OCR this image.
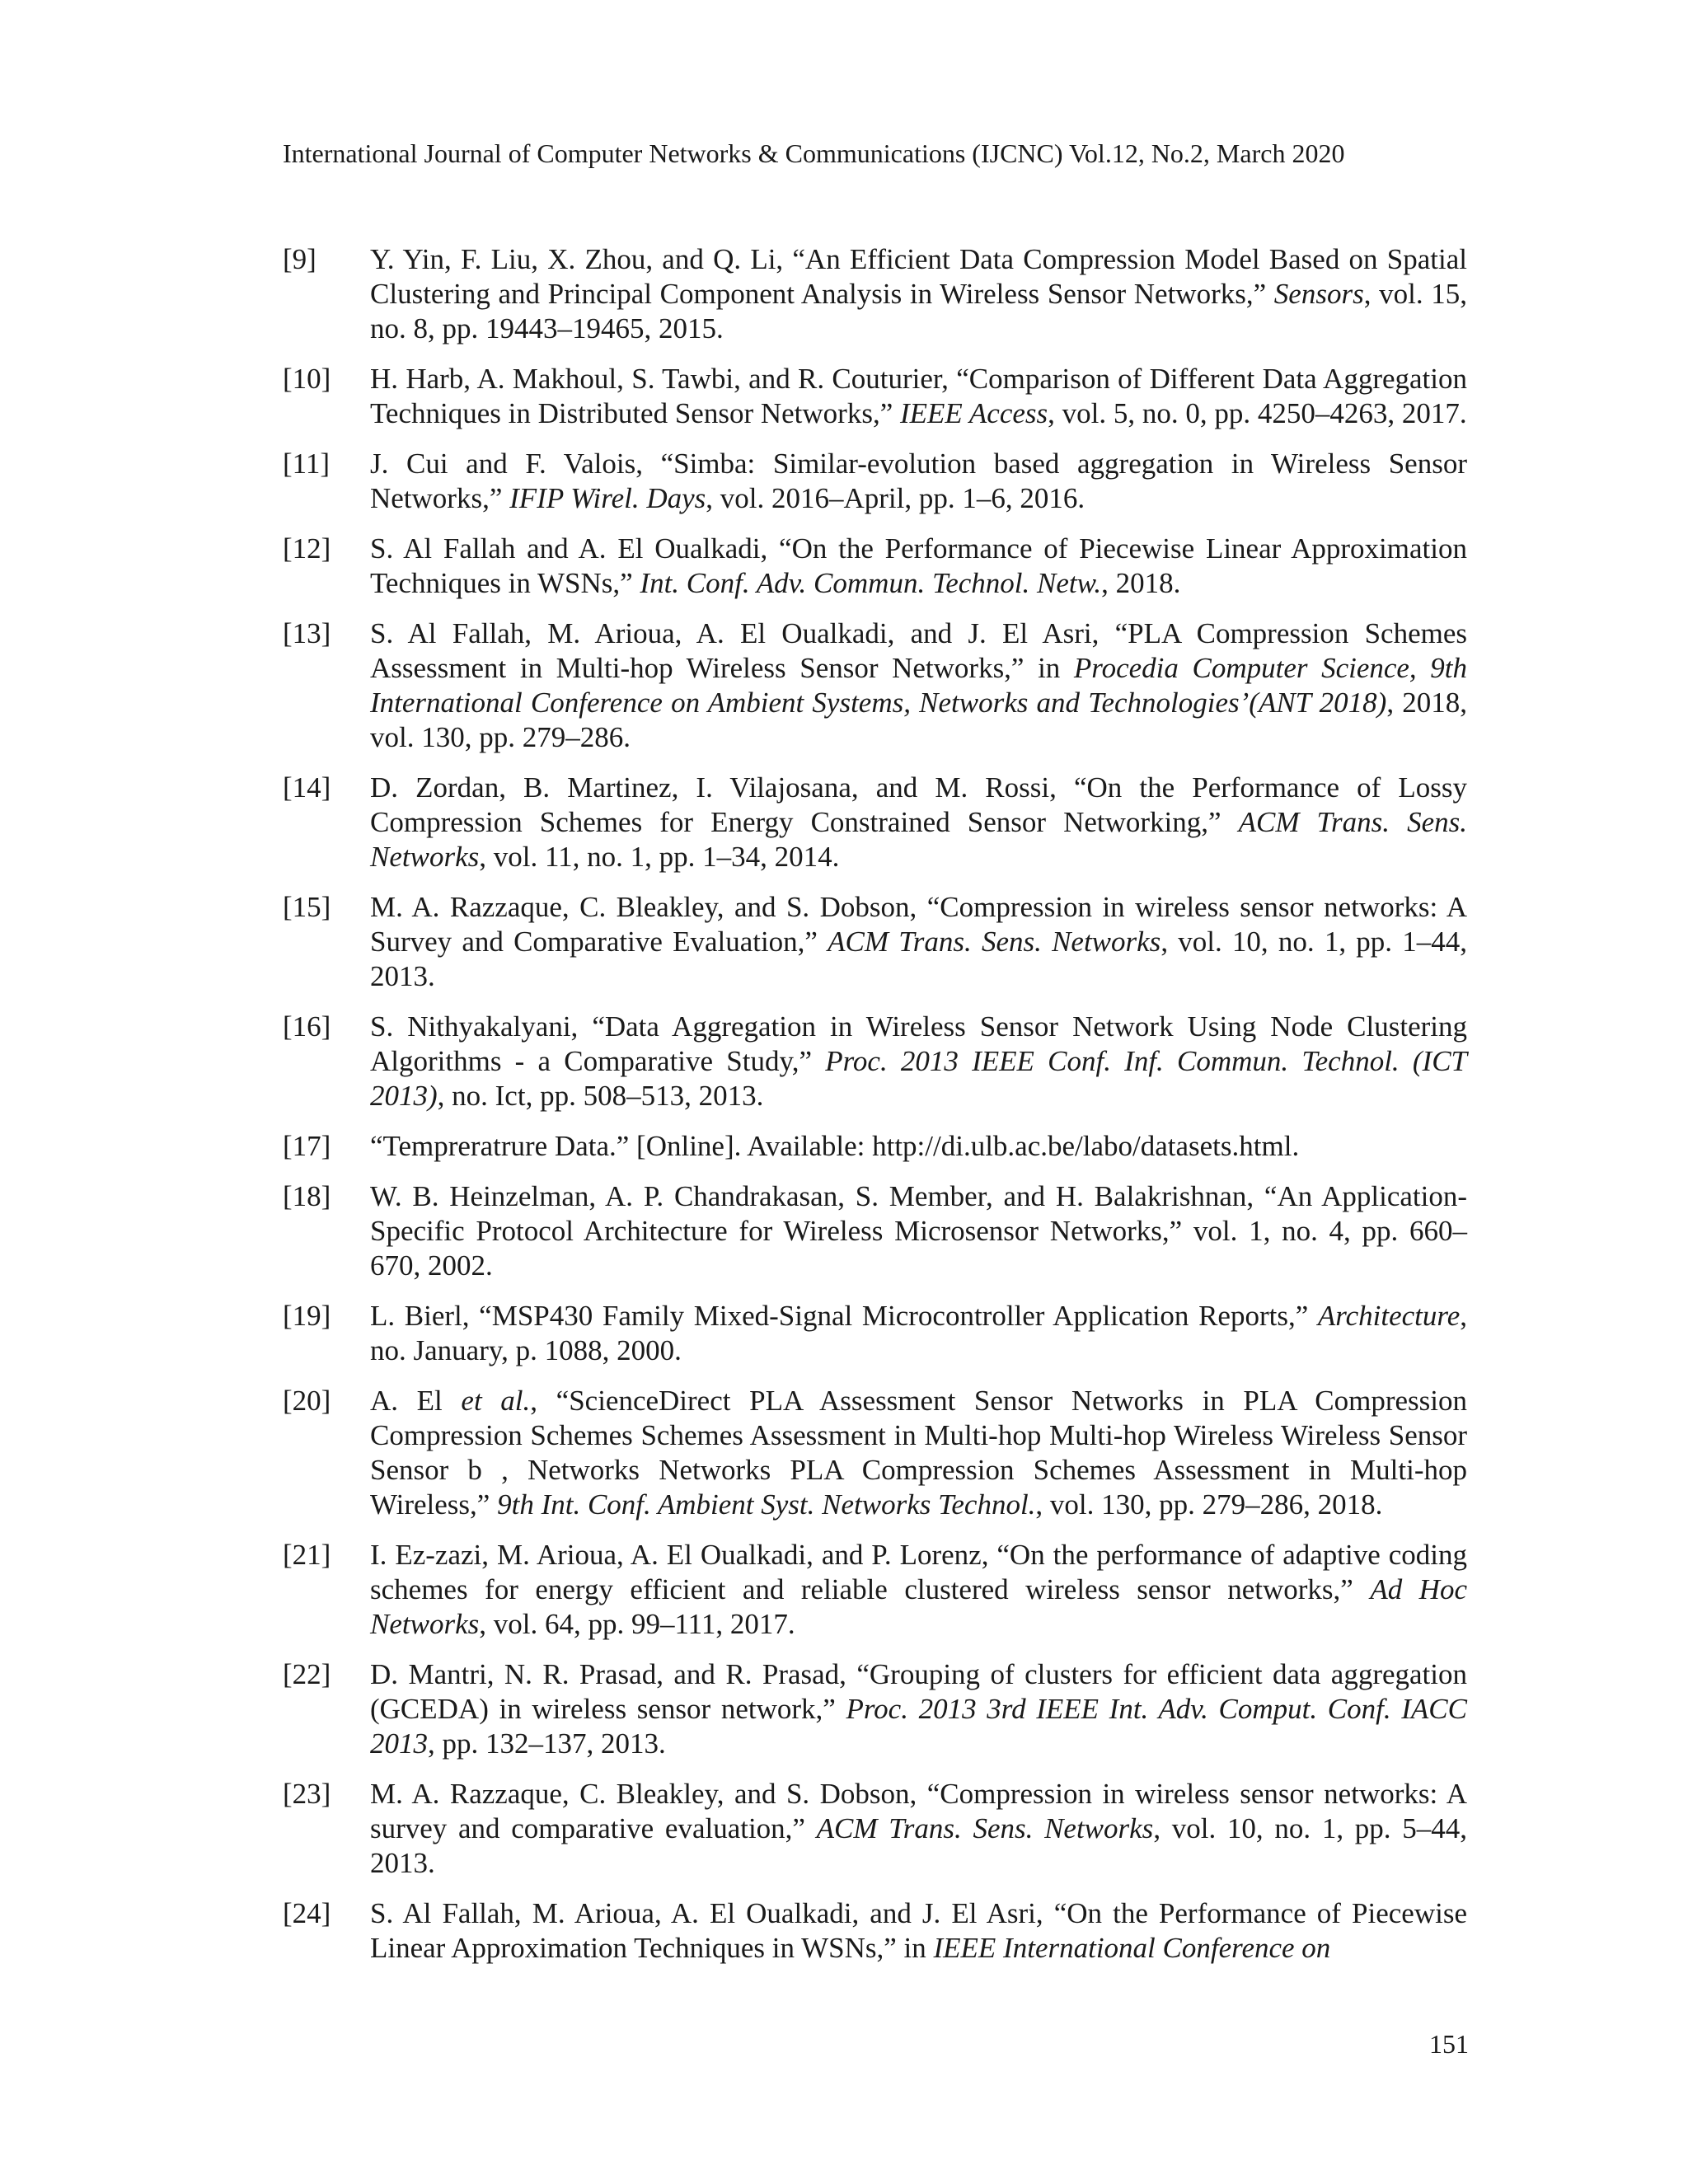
International Journal of Computer Networks & Communications (IJCNC) Vol.12, No.2, March 2020
[9] Y. Yin, F. Liu, X. Zhou, and Q. Li, “An Efficient Data Compression Model Based on Spatial Clustering and Principal Component Analysis in Wireless Sensor Networks,” Sensors, vol. 15, no. 8, pp. 19443–19465, 2015.
[10] H. Harb, A. Makhoul, S. Tawbi, and R. Couturier, “Comparison of Different Data Aggregation Techniques in Distributed Sensor Networks,” IEEE Access, vol. 5, no. 0, pp. 4250–4263, 2017.
[11] J. Cui and F. Valois, “Simba: Similar-evolution based aggregation in Wireless Sensor Networks,” IFIP Wirel. Days, vol. 2016–April, pp. 1–6, 2016.
[12] S. Al Fallah and A. El Oualkadi, “On the Performance of Piecewise Linear Approximation Techniques in WSNs,” Int. Conf. Adv. Commun. Technol. Netw., 2018.
[13] S. Al Fallah, M. Arioua, A. El Oualkadi, and J. El Asri, “PLA Compression Schemes Assessment in Multi-hop Wireless Sensor Networks,” in Procedia Computer Science, 9th International Conference on Ambient Systems, Networks and Technologies’(ANT 2018), 2018, vol. 130, pp. 279–286.
[14] D. Zordan, B. Martinez, I. Vilajosana, and M. Rossi, “On the Performance of Lossy Compression Schemes for Energy Constrained Sensor Networking,” ACM Trans. Sens. Networks, vol. 11, no. 1, pp. 1–34, 2014.
[15] M. A. Razzaque, C. Bleakley, and S. Dobson, “Compression in wireless sensor networks: A Survey and Comparative Evaluation,” ACM Trans. Sens. Networks, vol. 10, no. 1, pp. 1–44, 2013.
[16] S. Nithyakalyani, “Data Aggregation in Wireless Sensor Network Using Node Clustering Algorithms - a Comparative Study,” Proc. 2013 IEEE Conf. Inf. Commun. Technol. (ICT 2013), no. Ict, pp. 508–513, 2013.
[17] “Tempreratrure Data.” [Online]. Available: http://di.ulb.ac.be/labo/datasets.html.
[18] W. B. Heinzelman, A. P. Chandrakasan, S. Member, and H. Balakrishnan, “An Application-Specific Protocol Architecture for Wireless Microsensor Networks,” vol. 1, no. 4, pp. 660–670, 2002.
[19] L. Bierl, “MSP430 Family Mixed-Signal Microcontroller Application Reports,” Architecture, no. January, p. 1088, 2000.
[20] A. El et al., “ScienceDirect PLA Assessment Sensor Networks in PLA Compression Compression Schemes Schemes Assessment in Multi-hop Multi-hop Wireless Wireless Sensor Sensor b , Networks Networks PLA Compression Schemes Assessment in Multi-hop Wireless,” 9th Int. Conf. Ambient Syst. Networks Technol., vol. 130, pp. 279–286, 2018.
[21] I. Ez-zazi, M. Arioua, A. El Oualkadi, and P. Lorenz, “On the performance of adaptive coding schemes for energy efficient and reliable clustered wireless sensor networks,” Ad Hoc Networks, vol. 64, pp. 99–111, 2017.
[22] D. Mantri, N. R. Prasad, and R. Prasad, “Grouping of clusters for efficient data aggregation (GCEDA) in wireless sensor network,” Proc. 2013 3rd IEEE Int. Adv. Comput. Conf. IACC 2013, pp. 132–137, 2013.
[23] M. A. Razzaque, C. Bleakley, and S. Dobson, “Compression in wireless sensor networks: A survey and comparative evaluation,” ACM Trans. Sens. Networks, vol. 10, no. 1, pp. 5–44, 2013.
[24] S. Al Fallah, M. Arioua, A. El Oualkadi, and J. El Asri, “On the Performance of Piecewise Linear Approximation Techniques in WSNs,” in IEEE International Conference on
151
